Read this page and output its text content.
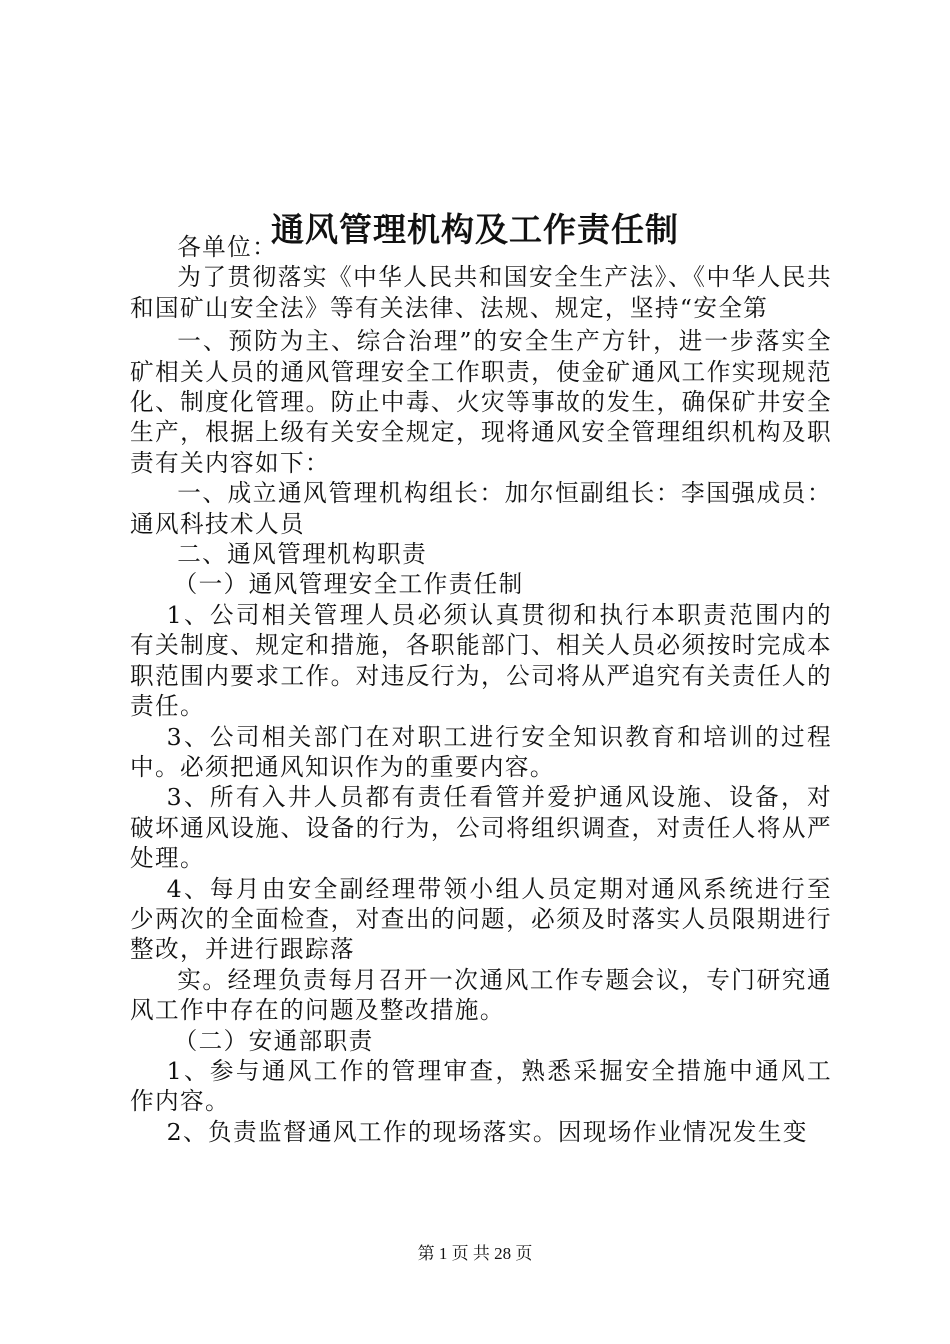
通风管理机构及工作责任制

各单位：

为了贯彻落实《中华人民共和国安全生产法》、《中华人民共和国矿山安全法》等有关法律、法规、规定，坚持“安全第

一、预防为主、综合治理”的安全生产方针，进一步落实全矿相关人员的通风管理安全工作职责，使金矿通风工作实现规范化、制度化管理。防止中毒、火灾等事故的发生，确保矿井安全生产，根据上级有关安全规定，现将通风安全管理组织机构及职责有关内容如下：

一、成立通风管理机构组长：加尔恒副组长：李国强成员：通风科技术人员

二、通风管理机构职责

（一）通风管理安全工作责任制

1、公司相关管理人员必须认真贯彻和执行本职责范围内的有关制度、规定和措施，各职能部门、相关人员必须按时完成本职范围内要求工作。对违反行为，公司将从严追究有关责任人的责任。

3、公司相关部门在对职工进行安全知识教育和培训的过程中。必须把通风知识作为的重要内容。

3、所有入井人员都有责任看管并爱护通风设施、设备，对破坏通风设施、设备的行为，公司将组织调查，对责任人将从严处理。

4、每月由安全副经理带领小组人员定期对通风系统进行至少两次的全面检查，对查出的问题，必须及时落实人员限期进行整改，并进行跟踪落

实。经理负责每月召开一次通风工作专题会议，专门研究通风工作中存在的问题及整改措施。

（二）安通部职责

1、参与通风工作的管理审查，熟悉采掘安全措施中通风工作内容。

2、负责监督通风工作的现场落实。因现场作业情况发生变

第 1 页 共 28 页
